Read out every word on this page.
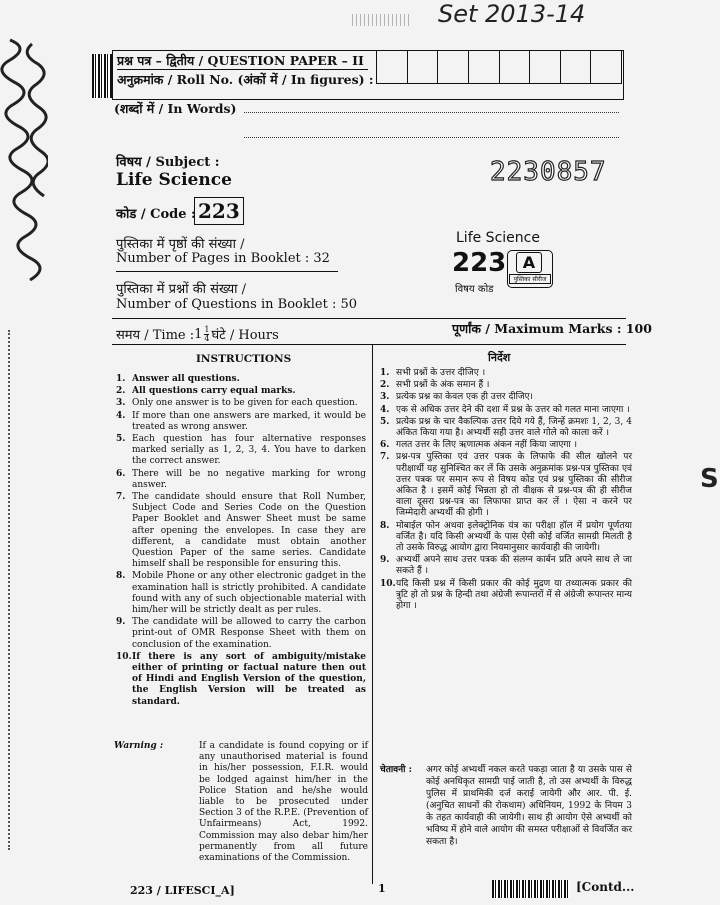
Set 2013-14
प्रश्न पत्र – द्वितीय / QUESTION PAPER – II
अनुक्रमांक / Roll No. (अंकों में / In figures) :
(शब्दों में / In Words)
विषय / Subject :
Life Science
कोड / Code : 223
2230857
पुस्तिका में पृष्ठों की संख्या /
Number of Pages in Booklet : 32
पुस्तिका में प्रश्नों की संख्या /
Number of Questions in Booklet : 50
Life Science
223	A
पुस्तिका सीरीज
विषय कोड
समय / Time : 1 1
4 घंटे / Hours	पूर्णांक / Maximum Marks : 100
INSTRUCTIONS
1. Answer all questions.
2. All questions carry equal marks.
3. Only one answer is to be given for each question.
4. If more than one answers are marked, it would be treated as wrong answer.
5. Each question has four alternative responses marked serially as 1, 2, 3, 4. You have to darken the correct answer.
6. There will be no negative marking for wrong answer.
7. The candidate should ensure that Roll Number, Subject Code and Series Code on the Question Paper Booklet and Answer Sheet must be same after opening the envelopes. In case they are different, a candidate must obtain another Question Paper of the same series. Candidate himself shall be responsible for ensuring this.
8. Mobile Phone or any other electronic gadget in the examination hall is strictly prohibited. A candidate found with any of such objectionable material with him/her will be strictly dealt as per rules.
9. The candidate will be allowed to carry the carbon print-out of OMR Response Sheet with them on conclusion of the examination.
10. If there is any sort of ambiguity/mistake either of printing or factual nature then out of Hindi and English Version of the question, the English Version will be treated as standard.
Warning :	If a candidate is found copying or if any unauthorised material is found in his/her possession, F.I.R. would be lodged against him/her in the Police Station and he/she would liable to be prosecuted under Section 3 of the R.P.E. (Prevention of Unfairmeans) Act, 1992. Commission may also debar him/her permanently from all future examinations of the Commission.
निर्देश
1. सभी प्रश्नों के उत्तर दीजिए ।
2. सभी प्रश्नों के अंक समान हैं ।
3. प्रत्येक प्रश्न का केवल एक ही उत्तर दीजिए।
4. एक से अधिक उत्तर देने की दशा में प्रश्न के उत्तर को गलत माना जाएगा ।
5. प्रत्येक प्रश्न के चार वैकल्पिक उत्तर दिये गये हैं, जिन्हें क्रमशः 1, 2, 3, 4 अंकित किया गया है। अभ्यर्थी सही उत्तर वाले गोले को काला करें ।
6. गलत उत्तर के लिए ऋणात्मक अंकन नहीं किया जाएगा ।
7. प्रश्न-पत्र पुस्तिका एवं उत्तर पत्रक के लिफाफे की सील खोलने पर परीक्षार्थी यह सुनिश्चित कर लें कि उसके अनुक्रमांक प्रश्न-पत्र पुस्तिका एवं उत्तर पत्रक पर समान रूप से विषय कोड एवं प्रश्न पुस्तिका की सीरीज अंकित है । इसमें कोई भिन्नता हो तो वीक्षक से प्रश्न-पत्र की ही सीरीज वाला दूसरा प्रश्न-पत्र का लिफाफा प्राप्त कर लें । ऐसा न करने पर जिम्मेदारी अभ्यर्थी की होगी ।
8. मोबाईल फोन अथवा इलेक्ट्रोनिक यंत्र का परीक्षा हॉल में प्रयोग पूर्णतया वर्जित है। यदि किसी अभ्यर्थी के पास ऐसी कोई वर्जित सामग्री मिलती है तो उसके विरुद्ध आयोग द्वारा नियमानुसार कार्यवाही की जायेगी।
9. अभ्यर्थी अपने साथ उत्तर पत्रक की संलग्न कार्बन प्रति अपने साथ ले जा सकते हैं ।
10. यदि किसी प्रश्न में किसी प्रकार की कोई मुद्रण या तथ्यात्मक प्रकार की त्रुटि हो तो प्रश्न के हिन्दी तथा अंग्रेजी रूपान्तरों में से अंग्रेजी रूपान्तर मान्य होगा ।
चेतावनी :	अगर कोई अभ्यर्थी नकल करते पकड़ा जाता है या उसके पास से कोई अनधिकृत सामग्री पाई जाती है, तो उस अभ्यर्थी के विरुद्ध पुलिस में प्राथमिकी दर्ज कराई जायेगी और आर. पी. ई. (अनुचित साधनों की रोकथाम) अधिनियम, 1992 के नियम 3 के तहत कार्यवाही की जायेगी। साथ ही आयोग ऐसे अभ्यर्थी को भविष्य में होने वाले आयोग की समस्त परीक्षाओं से विवर्जित कर सकता है।
223 / LIFESCI_A]	1	[Contd...
S
